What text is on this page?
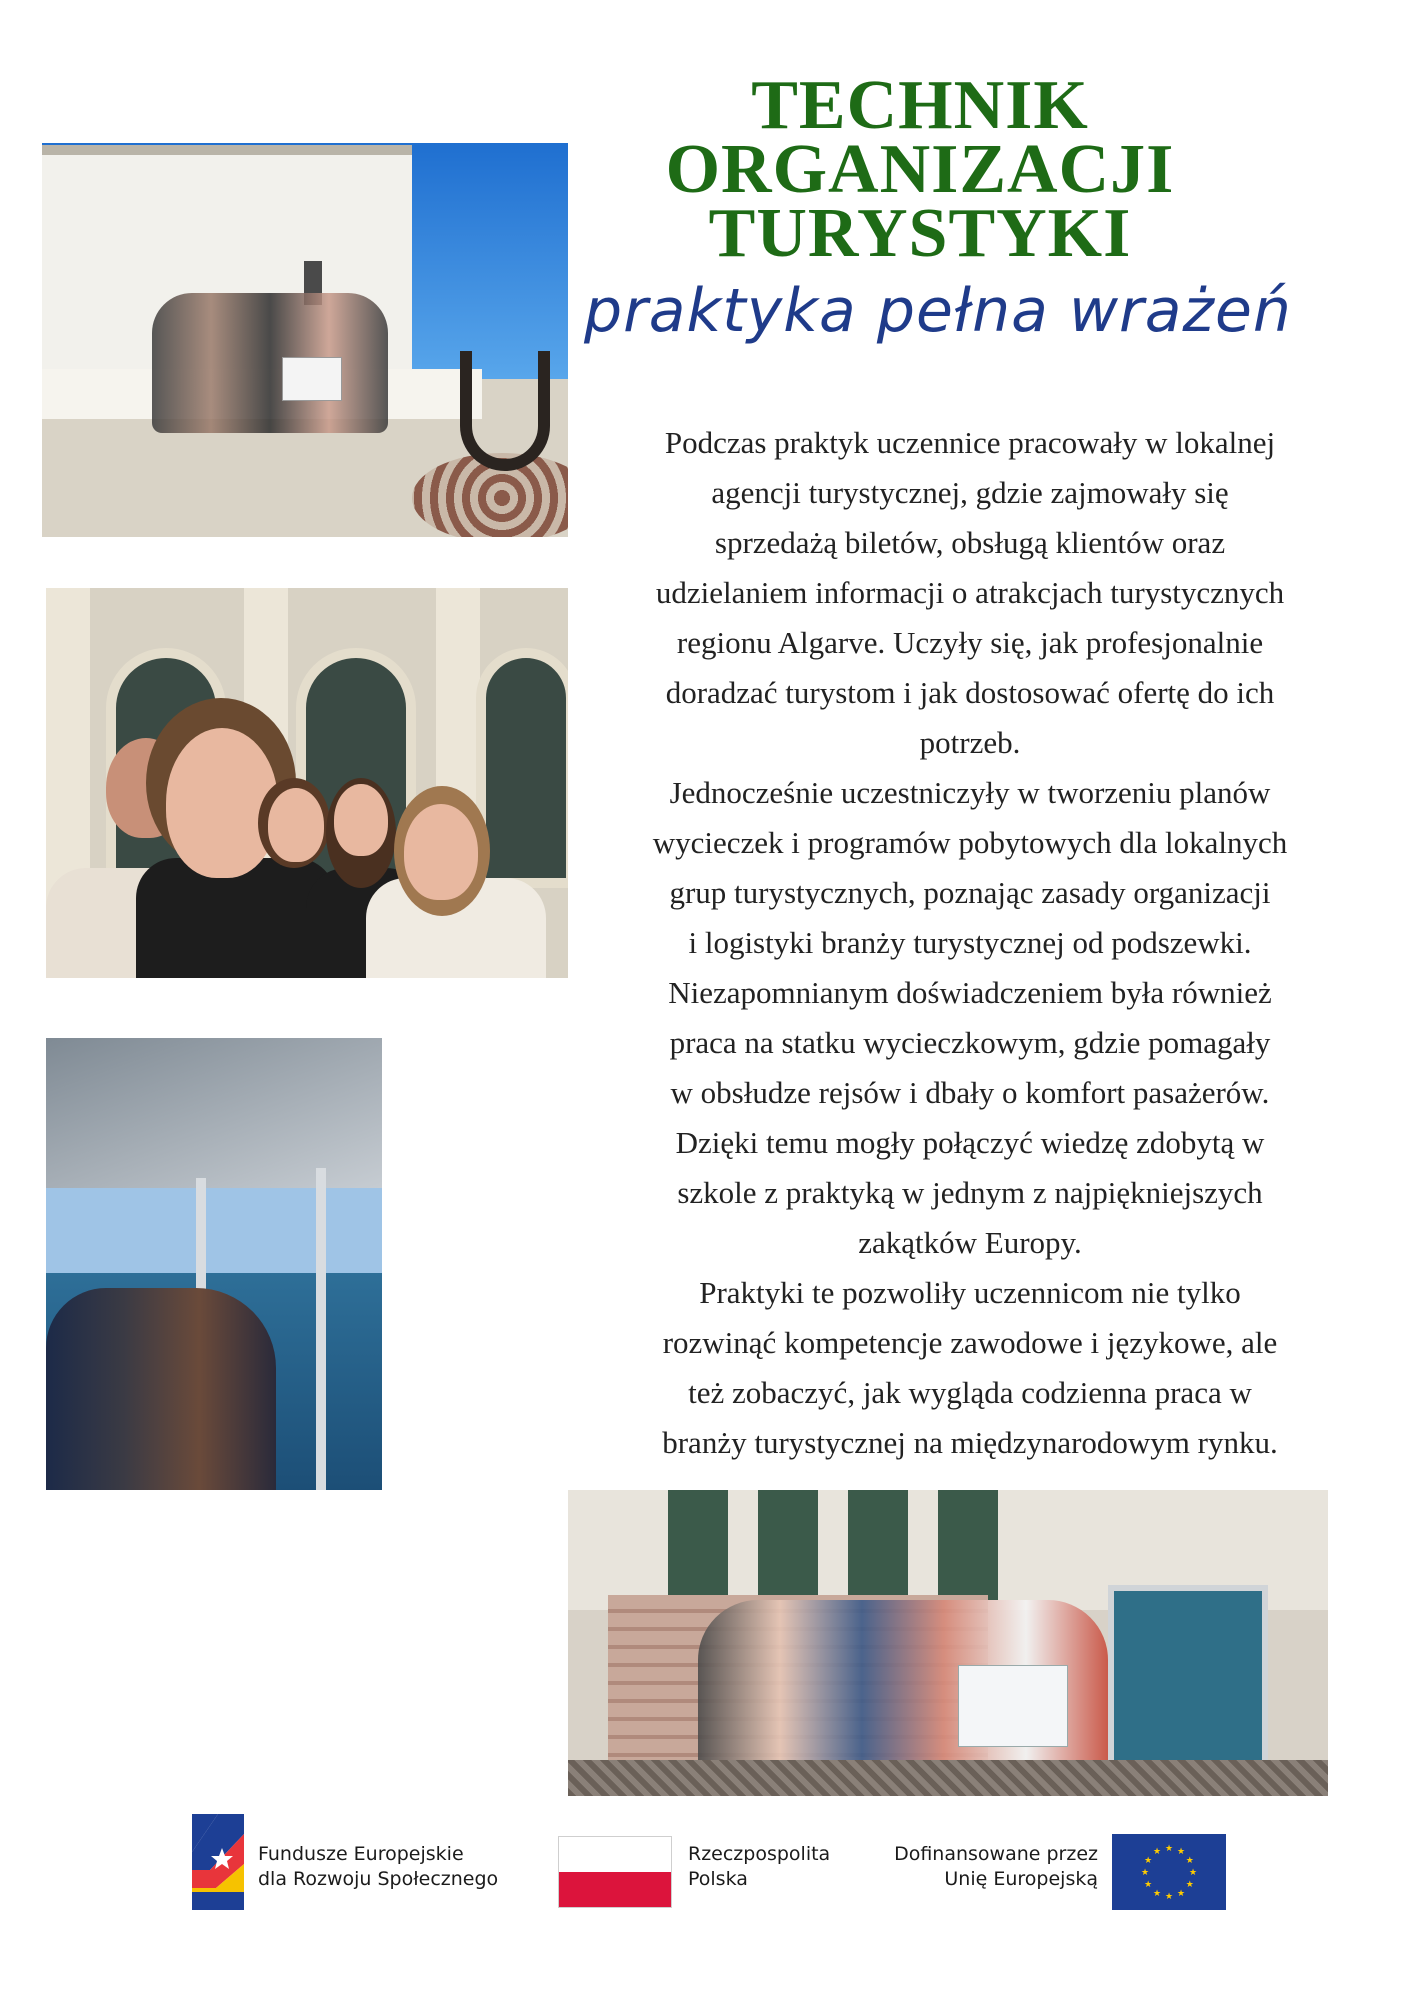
TECHNIK ORGANIZACJI
TURYSTYKI
praktyka pełna wrażeń

Podczas praktyk uczennice pracowały w lokalnej
agencji turystycznej, gdzie zajmowały się
sprzedażą biletów, obsługą klientów oraz
udzielaniem informacji o atrakcjach turystycznych
regionu Algarve. Uczyły się, jak profesjonalnie
doradzać turystom i jak dostosować ofertę do ich
potrzeb.

Jednocześnie uczestniczyły w tworzeniu planów
wycieczek i programów pobytowych dla lokalnych
grup turystycznych, poznając zasady organizacji
i logistyki branży turystycznej od podszewki.
Niezapomnianym doświadczeniem była również
praca na statku wycieczkowym, gdzie pomagały
w obsłudze rejsów i dbały o komfort pasażerów.
Dzięki temu mogły połączyć wiedzę zdobytą w
szkole z praktyką w jednym z najpiękniejszych
zakątków Europy.

Praktyki te pozwoliły uczennicom nie tylko
rozwinąć kompetencje zawodowe i językowe, ale
też zobaczyć, jak wygląda codzienna praca w
branży turystycznej na międzynarodowym rynku.

Fundusze Europejskie
dla Rozwoju Społecznego
Rzeczpospolita
Polska
Dofinansowane przez
Unię Europejską
★ ★
★
★
★
★
★
★
★
★
★
★
